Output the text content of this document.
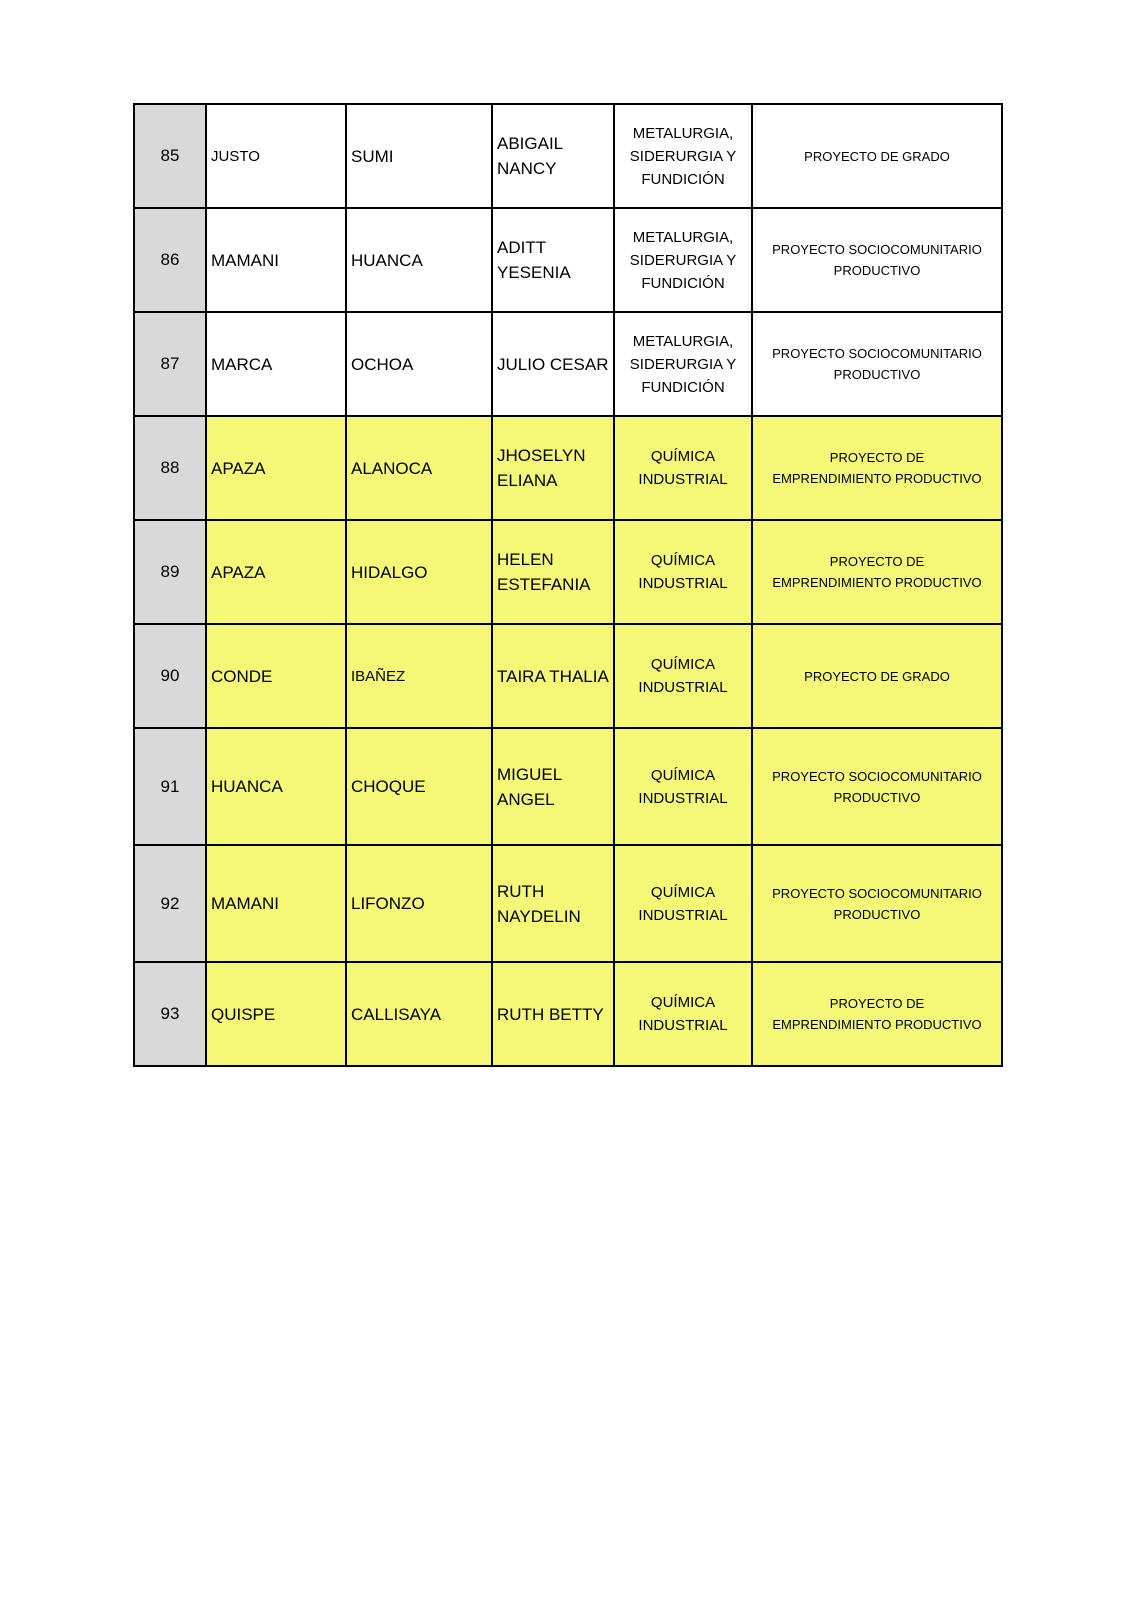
85	JUSTO	SUMI	ABIGAIL NANCY	METALURGIA, SIDERURGIA Y FUNDICIÓN	PROYECTO DE GRADO
86	MAMANI	HUANCA	ADITT YESENIA	METALURGIA, SIDERURGIA Y FUNDICIÓN	PROYECTO SOCIOCOMUNITARIO PRODUCTIVO
87	MARCA	OCHOA	JULIO CESAR	METALURGIA, SIDERURGIA Y FUNDICIÓN	PROYECTO SOCIOCOMUNITARIO PRODUCTIVO
88	APAZA	ALANOCA	JHOSELYN ELIANA	QUÍMICA INDUSTRIAL	PROYECTO DE EMPRENDIMIENTO PRODUCTIVO
89	APAZA	HIDALGO	HELEN ESTEFANIA	QUÍMICA INDUSTRIAL	PROYECTO DE EMPRENDIMIENTO PRODUCTIVO
90	CONDE	IBAÑEZ	TAIRA THALIA	QUÍMICA INDUSTRIAL	PROYECTO DE GRADO
91	HUANCA	CHOQUE	MIGUEL ANGEL	QUÍMICA INDUSTRIAL	PROYECTO SOCIOCOMUNITARIO PRODUCTIVO
92	MAMANI	LIFONZO	RUTH NAYDELIN	QUÍMICA INDUSTRIAL	PROYECTO SOCIOCOMUNITARIO PRODUCTIVO
93	QUISPE	CALLISAYA	RUTH BETTY	QUÍMICA INDUSTRIAL	PROYECTO DE EMPRENDIMIENTO PRODUCTIVO
